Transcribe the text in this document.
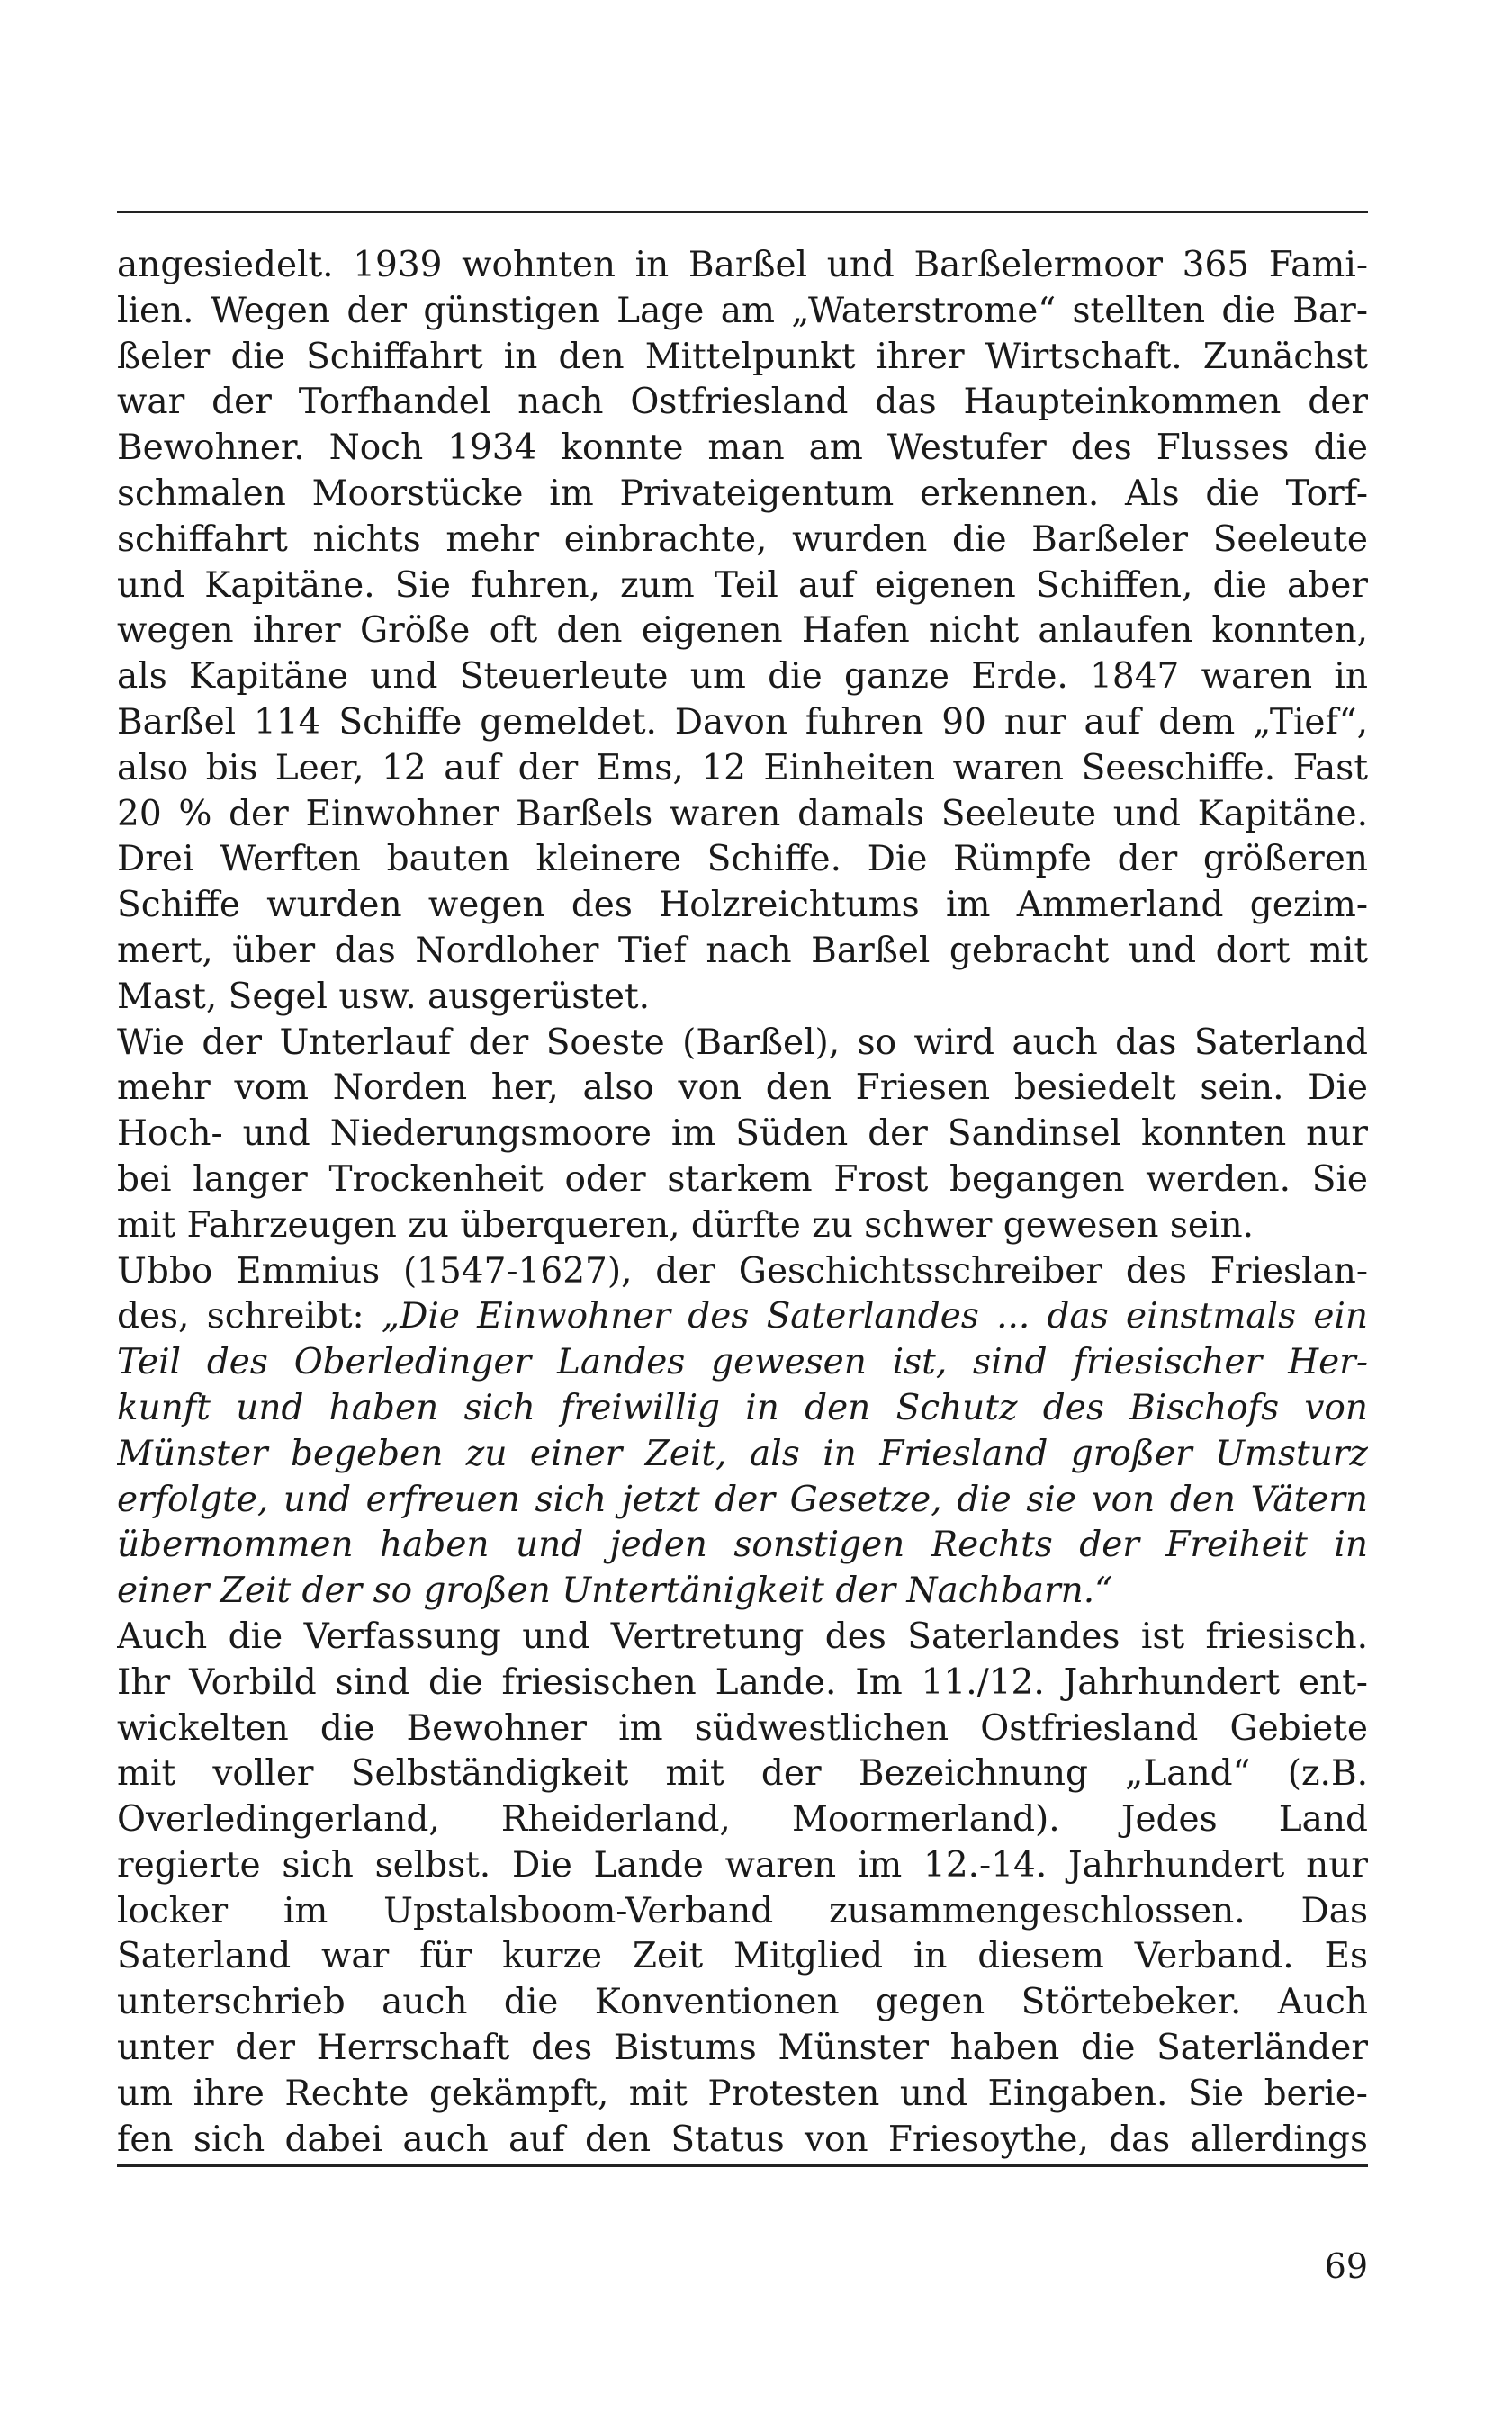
angesiedelt. 1939 wohnten in Barßel und Barßelermoor 365 Fami-
lien. Wegen der günstigen Lage am „Waterstrome“ stellten die Bar-
ßeler die Schiffahrt in den Mittelpunkt ihrer Wirtschaft. Zunächst
war der Torfhandel nach Ostfriesland das Haupteinkommen der
Bewohner. Noch 1934 konnte man am Westufer des Flusses die
schmalen Moorstücke im Privateigentum erkennen. Als die Torf-
schiffahrt nichts mehr einbrachte, wurden die Barßeler Seeleute
und Kapitäne. Sie fuhren, zum Teil auf eigenen Schiffen, die aber
wegen ihrer Größe oft den eigenen Hafen nicht anlaufen konnten,
als Kapitäne und Steuerleute um die ganze Erde. 1847 waren in
Barßel 114 Schiffe gemeldet. Davon fuhren 90 nur auf dem „Tief“,
also bis Leer, 12 auf der Ems, 12 Einheiten waren Seeschiffe. Fast
20 % der Einwohner Barßels waren damals Seeleute und Kapitäne.
Drei Werften bauten kleinere Schiffe. Die Rümpfe der größeren
Schiffe wurden wegen des Holzreichtums im Ammerland gezim-
mert, über das Nordloher Tief nach Barßel gebracht und dort mit
Mast, Segel usw. ausgerüstet.
Wie der Unterlauf der Soeste (Barßel), so wird auch das Saterland
mehr vom Norden her, also von den Friesen besiedelt sein. Die
Hoch- und Niederungsmoore im Süden der Sandinsel konnten nur
bei langer Trockenheit oder starkem Frost begangen werden. Sie
mit Fahrzeugen zu überqueren, dürfte zu schwer gewesen sein.
Ubbo Emmius (1547-1627), der Geschichtsschreiber des Frieslan-
des, schreibt: „Die Einwohner des Saterlandes ... das einstmals ein
Teil des Oberledinger Landes gewesen ist, sind friesischer Her-
kunft und haben sich freiwillig in den Schutz des Bischofs von
Münster begeben zu einer Zeit, als in Friesland großer Umsturz
erfolgte, und erfreuen sich jetzt der Gesetze, die sie von den Vätern
übernommen haben und jeden sonstigen Rechts der Freiheit in
einer Zeit der so großen Untertänigkeit der Nachbarn.“
Auch die Verfassung und Vertretung des Saterlandes ist friesisch.
Ihr Vorbild sind die friesischen Lande. Im 11./12. Jahrhundert ent-
wickelten die Bewohner im südwestlichen Ostfriesland Gebiete
mit voller Selbständigkeit mit der Bezeichnung „Land“ (z.B.
Overledingerland, Rheiderland, Moormerland). Jedes Land
regierte sich selbst. Die Lande waren im 12.-14. Jahrhundert nur
locker im Upstalsboom-Verband zusammengeschlossen. Das
Saterland war für kurze Zeit Mitglied in diesem Verband. Es
unterschrieb auch die Konventionen gegen Störtebeker. Auch
unter der Herrschaft des Bistums Münster haben die Saterländer
um ihre Rechte gekämpft, mit Protesten und Eingaben. Sie berie-
fen sich dabei auch auf den Status von Friesoythe, das allerdings
69
